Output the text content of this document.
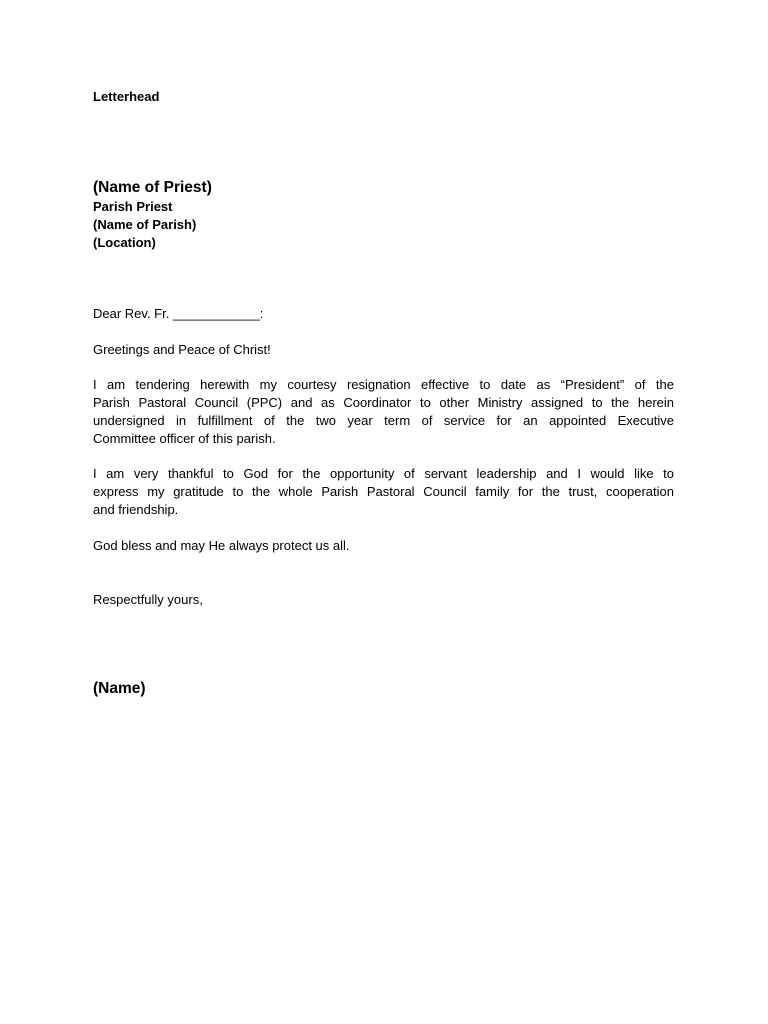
Letterhead
(Name of Priest)
Parish Priest
(Name of Parish)
(Location)
Dear Rev. Fr. ____________:
Greetings and Peace of Christ!
I am tendering herewith my courtesy resignation effective to date as “President” of the
Parish Pastoral Council (PPC) and as Coordinator to other Ministry assigned to the herein
undersigned in fulfillment of the two year term of service for an appointed Executive
Committee officer of this parish.
I am very thankful to God for the opportunity of servant leadership and I would like to
express my gratitude to the whole Parish Pastoral Council family for the trust, cooperation
and friendship.
God bless and may He always protect us all.
Respectfully yours,
(Name)
